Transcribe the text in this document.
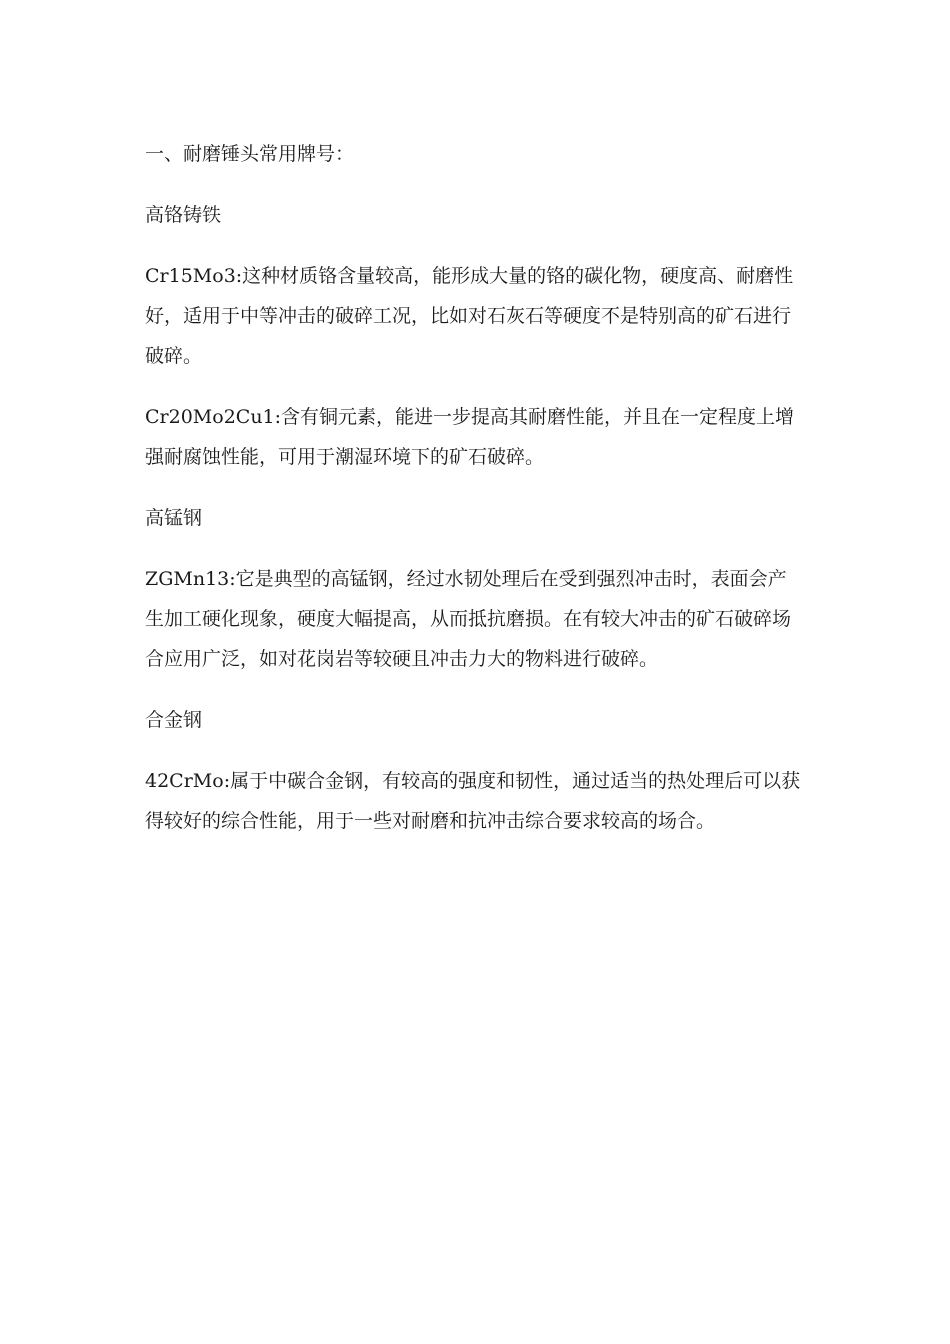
一、耐磨锤头常用牌号：

高铬铸铁

Cr15Mo3:这种材质铬含量较高，能形成大量的铬的碳化物，硬度高、耐磨性好，适用于中等冲击的破碎工况，比如对石灰石等硬度不是特别高的矿石进行破碎。

Cr20Mo2Cu1:含有铜元素，能进一步提高其耐磨性能，并且在一定程度上增强耐腐蚀性能，可用于潮湿环境下的矿石破碎。

高锰钢

ZGMn13:它是典型的高锰钢，经过水韧处理后在受到强烈冲击时，表面会产生加工硬化现象，硬度大幅提高，从而抵抗磨损。在有较大冲击的矿石破碎场合应用广泛，如对花岗岩等较硬且冲击力大的物料进行破碎。

合金钢

42CrMo:属于中碳合金钢，有较高的强度和韧性，通过适当的热处理后可以获得较好的综合性能，用于一些对耐磨和抗冲击综合要求较高的场合。
